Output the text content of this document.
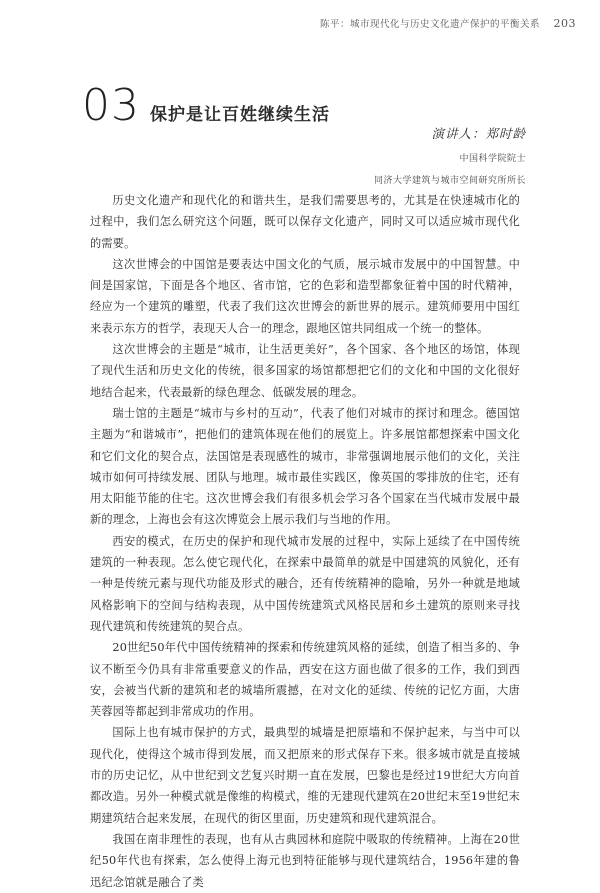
陈平：城市现代化与历史文化遗产保护的平衡关系 203
03 保护是让百姓继续生活
演讲人：郑时龄
中国科学院院士
同济大学建筑与城市空间研究所所长

历史文化遗产和现代化的和谐共生，是我们需要思考的，尤其是在快速城市化的过程中，我们怎么研究这个问题，既可以保存文化遗产，同时又可以适应城市现代化的需要。

这次世博会的中国馆是要表达中国文化的气质，展示城市发展中的中国智慧。中间是国家馆，下面是各个地区、省市馆，它的色彩和造型都象征着中国的时代精神，经应为一个建筑的雕塑，代表了我们这次世博会的新世界的展示。建筑师要用中国红来表示东方的哲学，表现天人合一的理念，跟地区馆共同组成一个统一的整体。

这次世博会的主题是“城市，让生活更美好”，各个国家、各个地区的场馆，体现了现代生活和历史文化的传统，很多国家的场馆都想把它们的文化和中国的文化很好地结合起来，代表最新的绿色理念、低碳发展的理念。

瑞士馆的主题是“城市与乡村的互动”，代表了他们对城市的探讨和理念。德国馆主题为“和谐城市”，把他们的建筑体现在他们的展览上。许多展馆都想探索中国文化和它们文化的契合点，法国馆是表现感性的城市，非常强调地展示他们的文化，关注城市如何可持续发展、团队与地理。城市最佳实践区，像英国的零排放的住宅，还有用太阳能节能的住宅。这次世博会我们有很多机会学习各个国家在当代城市发展中最新的理念，上海也会有这次博览会上展示我们与当地的作用。

西安的模式，在历史的保护和现代城市发展的过程中，实际上延续了在中国传统建筑的一种表现。怎么使它现代化，在探索中最简单的就是中国建筑的风貌化，还有一种是传统元素与现代功能及形式的融合，还有传统精神的隐喻，另外一种就是地域风格影响下的空间与结构表现，从中国传统建筑式风格民居和乡土建筑的原则来寻找现代建筑和传统建筑的契合点。

20世纪50年代中国传统精神的探索和传统建筑风格的延续，创造了相当多的、争议不断至今仍具有非常重要意义的作品，西安在这方面也做了很多的工作，我们到西安，会被当代新的建筑和老的城墙所震撼，在对文化的延续、传统的记忆方面，大唐芙蓉园等都起到非常成功的作用。

国际上也有城市保护的方式，最典型的城墙是把原墙和不保护起来，与当中可以现代化，使得这个城市得到发展，而又把原来的形式保存下来。很多城市就是直接城市的历史记忆，从中世纪到文艺复兴时期一直在发展，巴黎也是经过19世纪大方向首都改造。另外一种模式就是像维的构模式，维的无建现代建筑在20世纪末至19世纪末期建筑结合起来发展，在现代的街区里面，历史建筑和现代建筑混合。

我国在南非理性的表现，也有从古典园林和庭院中吸取的传统精神。上海在20世纪50年代也有探索，怎么使得上海元也到特征能够与现代建筑结合，1956年建的鲁迅纪念馆就是融合了类
